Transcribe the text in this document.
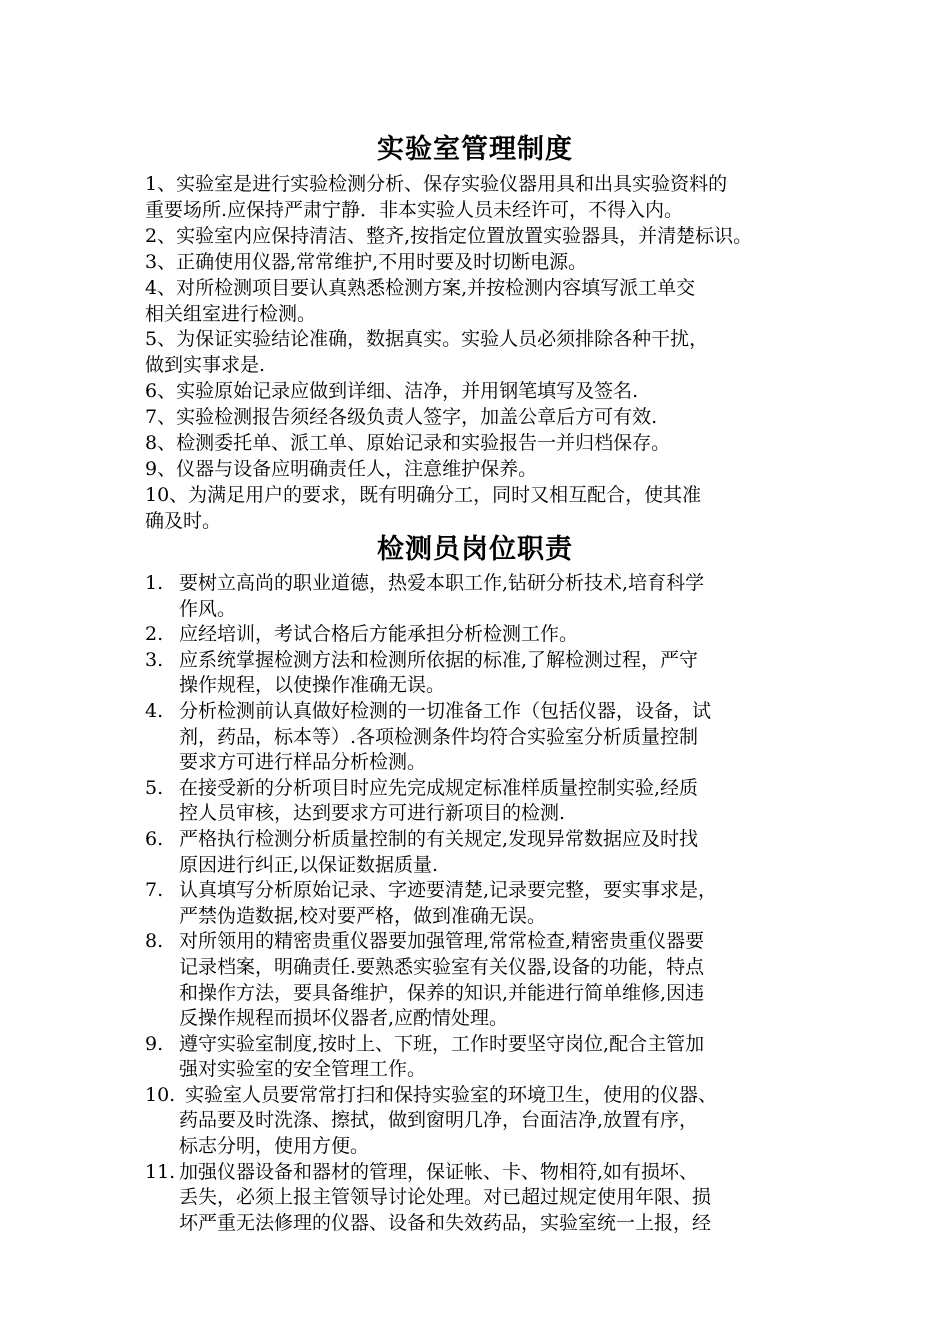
实验室管理制度

1、实验室是进行实验检测分析、保存实验仪器用具和出具实验资料的
重要场所.应保持严肃宁静．非本实验人员未经许可，不得入内。

2、实验室内应保持清洁、整齐,按指定位置放置实验器具，并清楚标识。

3、正确使用仪器,常常维护,不用时要及时切断电源。

4、对所检测项目要认真熟悉检测方案,并按检测内容填写派工单交
相关组室进行检测。

5、为保证实验结论准确，数据真实。实验人员必须排除各种干扰，
做到实事求是.

6、实验原始记录应做到详细、洁净，并用钢笔填写及签名.

7、实验检测报告须经各级负责人签字，加盖公章后方可有效.

8、检测委托单、派工单、原始记录和实验报告一并归档保存。

9、仪器与设备应明确责任人，注意维护保养。

10、为满足用户的要求，既有明确分工，同时又相互配合，使其准
确及时。

检测员岗位职责
1. 要树立高尚的职业道德，热爱本职工作,钻研分析技术,培育科学
作风。
2. 应经培训，考试合格后方能承担分析检测工作。
3. 应系统掌握检测方法和检测所依据的标准,了解检测过程，严守
操作规程，以使操作准确无误。
4. 分析检测前认真做好检测的一切准备工作（包括仪器，设备，试
剂，药品，标本等）.各项检测条件均符合实验室分析质量控制
要求方可进行样品分析检测。
5. 在接受新的分析项目时应先完成规定标准样质量控制实验,经质
控人员审核，达到要求方可进行新项目的检测.
6. 严格执行检测分析质量控制的有关规定,发现异常数据应及时找
原因进行纠正,以保证数据质量.
7. 认真填写分析原始记录、字迹要清楚,记录要完整，要实事求是，
严禁伪造数据,校对要严格，做到准确无误。
8. 对所领用的精密贵重仪器要加强管理,常常检查,精密贵重仪器要
记录档案，明确责任.要熟悉实验室有关仪器,设备的功能，特点
和操作方法，要具备维护，保养的知识,并能进行简单维修,因违
反操作规程而损坏仪器者,应酌情处理。
9. 遵守实验室制度,按时上、下班，工作时要坚守岗位,配合主管加
强对实验室的安全管理工作。
10. 实验室人员要常常打扫和保持实验室的环境卫生，使用的仪器、
药品要及时洗涤、擦拭，做到窗明几净，台面洁净,放置有序，
标志分明，使用方便。
11. 加强仪器设备和器材的管理，保证帐、卡、物相符,如有损坏、
丢失，必须上报主管领导讨论处理。对已超过规定使用年限、损
坏严重无法修理的仪器、设备和失效药品，实验室统一上报，经
